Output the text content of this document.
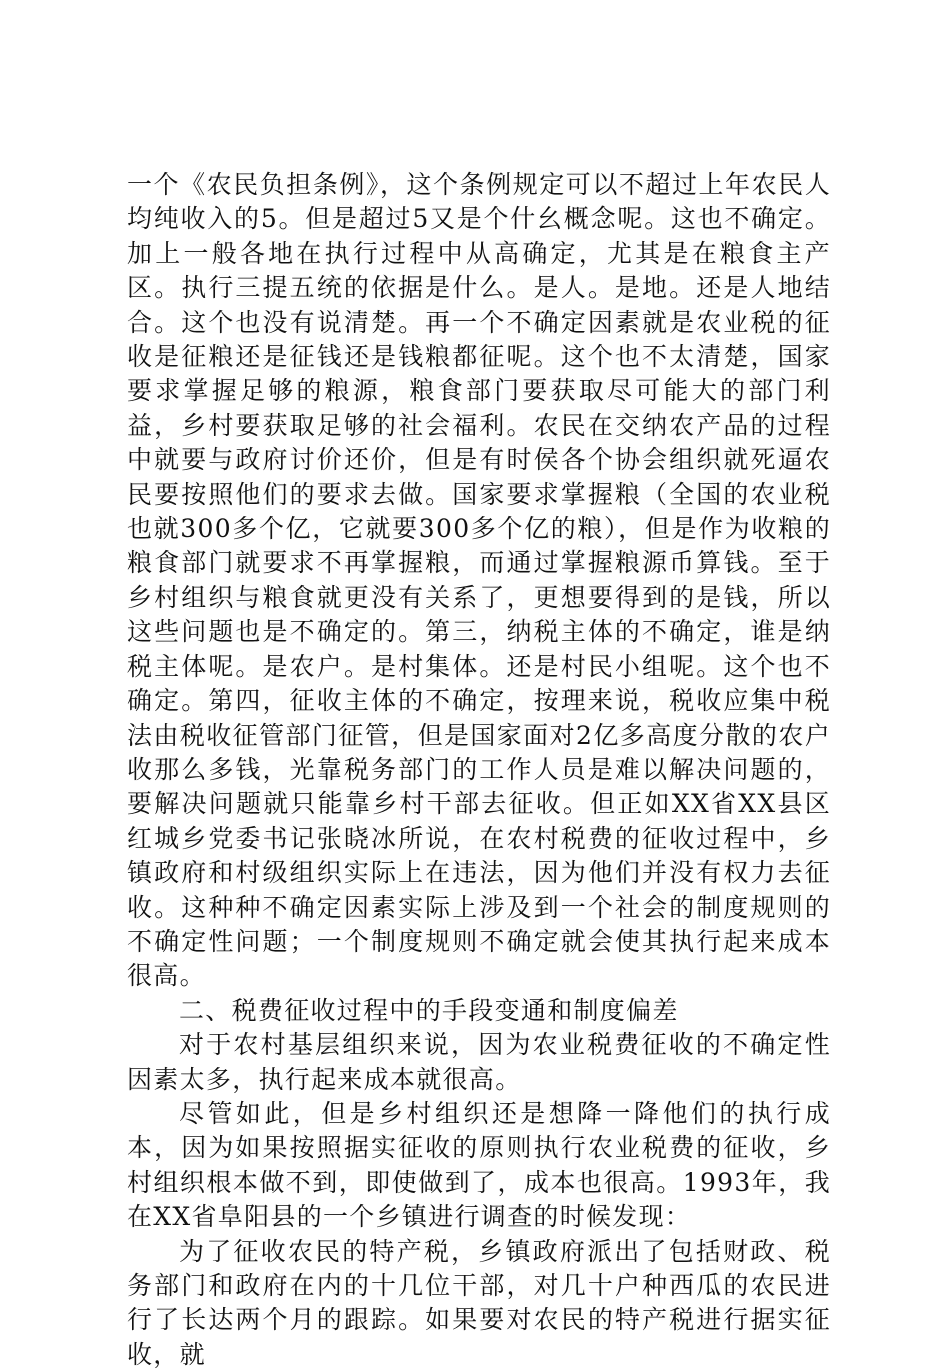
一个《农民负担条例》，这个条例规定可以不超过上年农民人均纯收入的5。但是超过5又是个什幺概念呢。这也不确定。加上一般各地在执行过程中从高确定，尤其是在粮食主产区。执行三提五统的依据是什么。是人。是地。还是人地结合。这个也没有说清楚。再一个不确定因素就是农业税的征收是征粮还是征钱还是钱粮都征呢。这个也不太清楚，国家要求掌握足够的粮源，粮食部门要获取尽可能大的部门利益，乡村要获取足够的社会福利。农民在交纳农产品的过程中就要与政府讨价还价，但是有时侯各个协会组织就死逼农民要按照他们的要求去做。国家要求掌握粮（全国的农业税也就300多个亿，它就要300多个亿的粮），但是作为收粮的粮食部门就要求不再掌握粮，而通过掌握粮源币算钱。至于乡村组织与粮食就更没有关系了，更想要得到的是钱，所以这些问题也是不确定的。第三，纳税主体的不确定，谁是纳税主体呢。是农户。是村集体。还是村民小组呢。这个也不确定。第四，征收主体的不确定，按理来说，税收应集中税法由税收征管部门征管，但是国家面对2亿多高度分散的农户收那么多钱，光靠税务部门的工作人员是难以解决问题的，要解决问题就只能靠乡村干部去征收。但正如XX省XX县区红城乡党委书记张晓冰所说，在农村税费的征收过程中，乡镇政府和村级组织实际上在违法，因为他们并没有权力去征收。这种种不确定因素实际上涉及到一个社会的制度规则的不确定性问题；一个制度规则不确定就会使其执行起来成本很高。

二、税费征收过程中的手段变通和制度偏差

对于农村基层组织来说，因为农业税费征收的不确定性因素太多，执行起来成本就很高。

尽管如此，但是乡村组织还是想降一降他们的执行成本，因为如果按照据实征收的原则执行农业税费的征收，乡村组织根本做不到，即使做到了，成本也很高。1993年，我在XX省阜阳县的一个乡镇进行调查的时候发现：

为了征收农民的特产税，乡镇政府派出了包括财政、税务部门和政府在内的十几位干部，对几十户种西瓜的农民进行了长达两个月的跟踪。如果要对农民的特产税进行据实征收，就
